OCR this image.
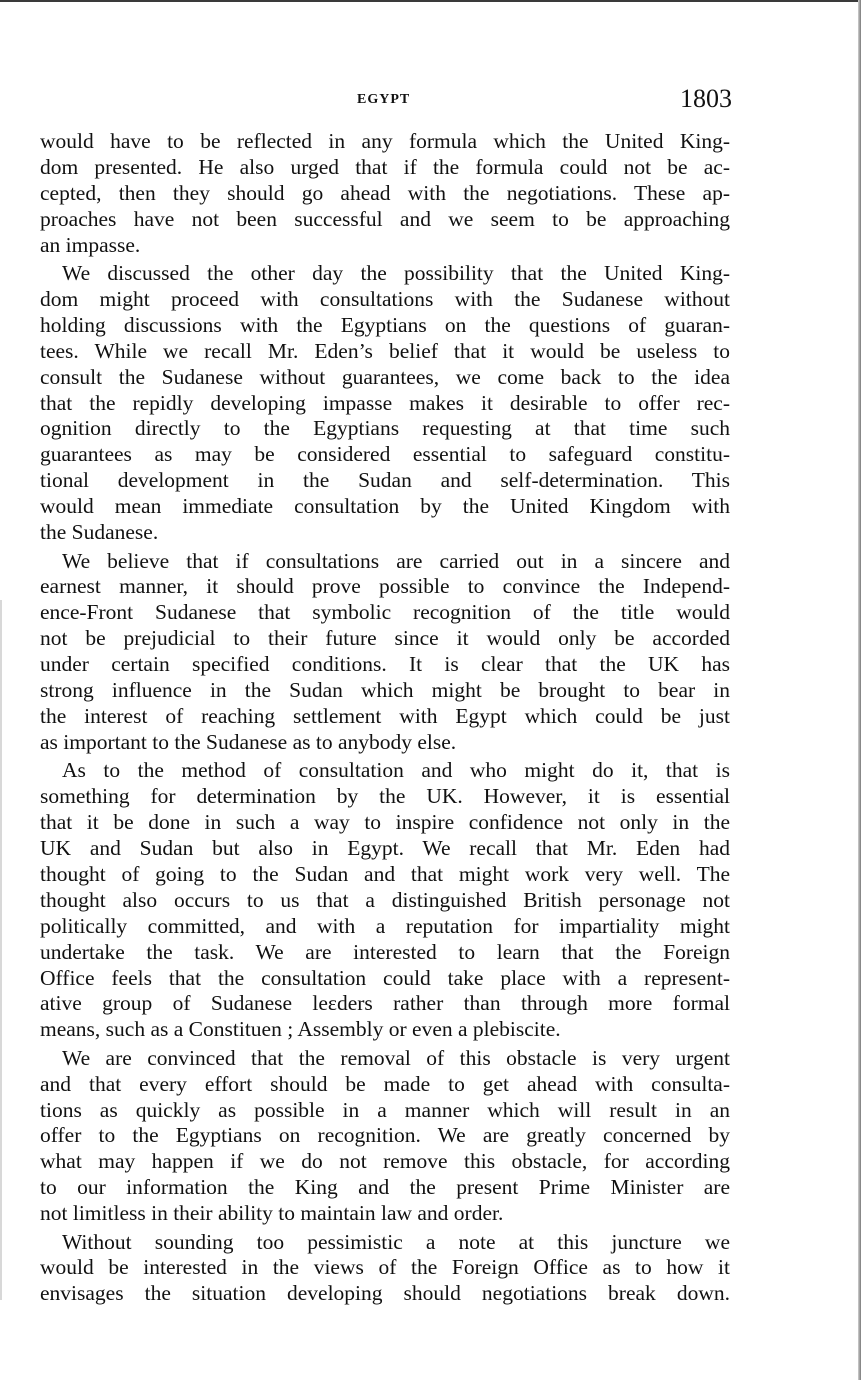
EGYPT	1803
would have to be reflected in any formula which the United King-
dom presented. He also urged that if the formula could not be ac-
cepted, then they should go ahead with the negotiations. These ap-
proaches have not been successful and we seem to be approaching
an impasse.
We discussed the other day the possibility that the United King-
dom might proceed with consultations with the Sudanese without
holding discussions with the Egyptians on the questions of guaran-
tees. While we recall Mr. Eden’s belief that it would be useless to
consult the Sudanese without guarantees, we come back to the idea
that the repidly developing impasse makes it desirable to offer rec-
ognition directly to the Egyptians requesting at that time such
guarantees as may be considered essential to safeguard constitu-
tional development in the Sudan and self-determination. This
would mean immediate consultation by the United Kingdom with
the Sudanese.
We believe that if consultations are carried out in a sincere and
earnest manner, it should prove possible to convince the Independ-
ence-Front Sudanese that symbolic recognition of the title would
not be prejudicial to their future since it would only be accorded
under certain specified conditions. It is clear that the UK has
strong influence in the Sudan which might be brought to bear in
the interest of reaching settlement with Egypt which could be just
as important to the Sudanese as to anybody else.
As to the method of consultation and who might do it, that is
something for determination by the UK. However, it is essential
that it be done in such a way to inspire confidence not only in the
UK and Sudan but also in Egypt. We recall that Mr. Eden had
thought of going to the Sudan and that might work very well. The
thought also occurs to us that a distinguished British personage not
politically committed, and with a reputation for impartiality might
undertake the task. We are interested to learn that the Foreign
Office feels that the consultation could take place with a represent-
ative group of Sudanese leɛders rather than through more formal
means, such as a Constituen ; Assembly or even a plebiscite.
We are convinced that the removal of this obstacle is very urgent
and that every effort should be made to get ahead with consulta-
tions as quickly as possible in a manner which will result in an
offer to the Egyptians on recognition. We are greatly concerned by
what may happen if we do not remove this obstacle, for according
to our information the King and the present Prime Minister are
not limitless in their ability to maintain law and order.
Without sounding too pessimistic a note at this juncture we
would be interested in the views of the Foreign Office as to how it
envisages the situation developing should negotiations break down.
